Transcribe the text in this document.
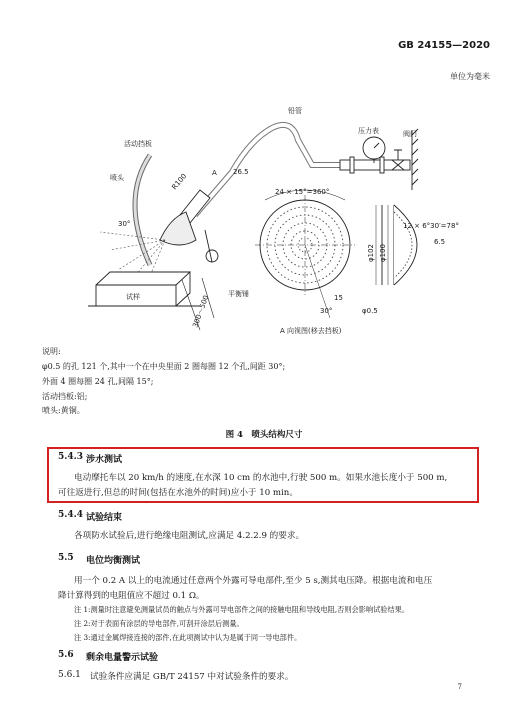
GB 24155—2020
单位为毫米
铅管
压力表	阀门
活动挡板
喷头
30°
试样	平衡锤
R100
26.5
300～500
24 × 15°=360°
12 × 6°30′=78°
φ102 φ100
6.5
15
30°	φ0.5
A
A 向视图(移去挡板)
说明:
φ0.5 的孔 121 个,其中一个在中央里面 2 圈每圈 12 个孔,间距 30°;
外面 4 圈每圈 24 孔,间隔 15°;
活动挡板:铝;
喷头:黄铜。
图 4　喷头结构尺寸
5.4.3 涉水测试
电动摩托车以 20 km/h 的速度,在水深 10 cm 的水池中,行驶 500 m。如果水池长度小于 500 m,
可往返进行,但总的时间(包括在水池外的时间)应小于 10 min。
5.4.4 试验结束
各项防水试验后,进行绝缘电阻测试,应满足 4.2.2.9 的要求。
5.5 电位均衡测试
用一个 0.2 A 以上的电流通过任意两个外露可导电部件,至少 5 s,测其电压降。根据电流和电压
降计算得到的电阻值应不超过 0.1 Ω。
注 1:测量时注意避免测量试员的触点与外露可导电部件之间的接触电阻和导线电阻,否则会影响试验结果。
注 2:对于表面有涂层的导电部件,可刮开涂层后测量。
注 3:通过金属焊接连接的部件,在此项测试中认为是属于同一导电部件。
5.6 剩余电量警示试验
5.6.1 试验条件应满足 GB/T 24157 中对试验条件的要求。
7
